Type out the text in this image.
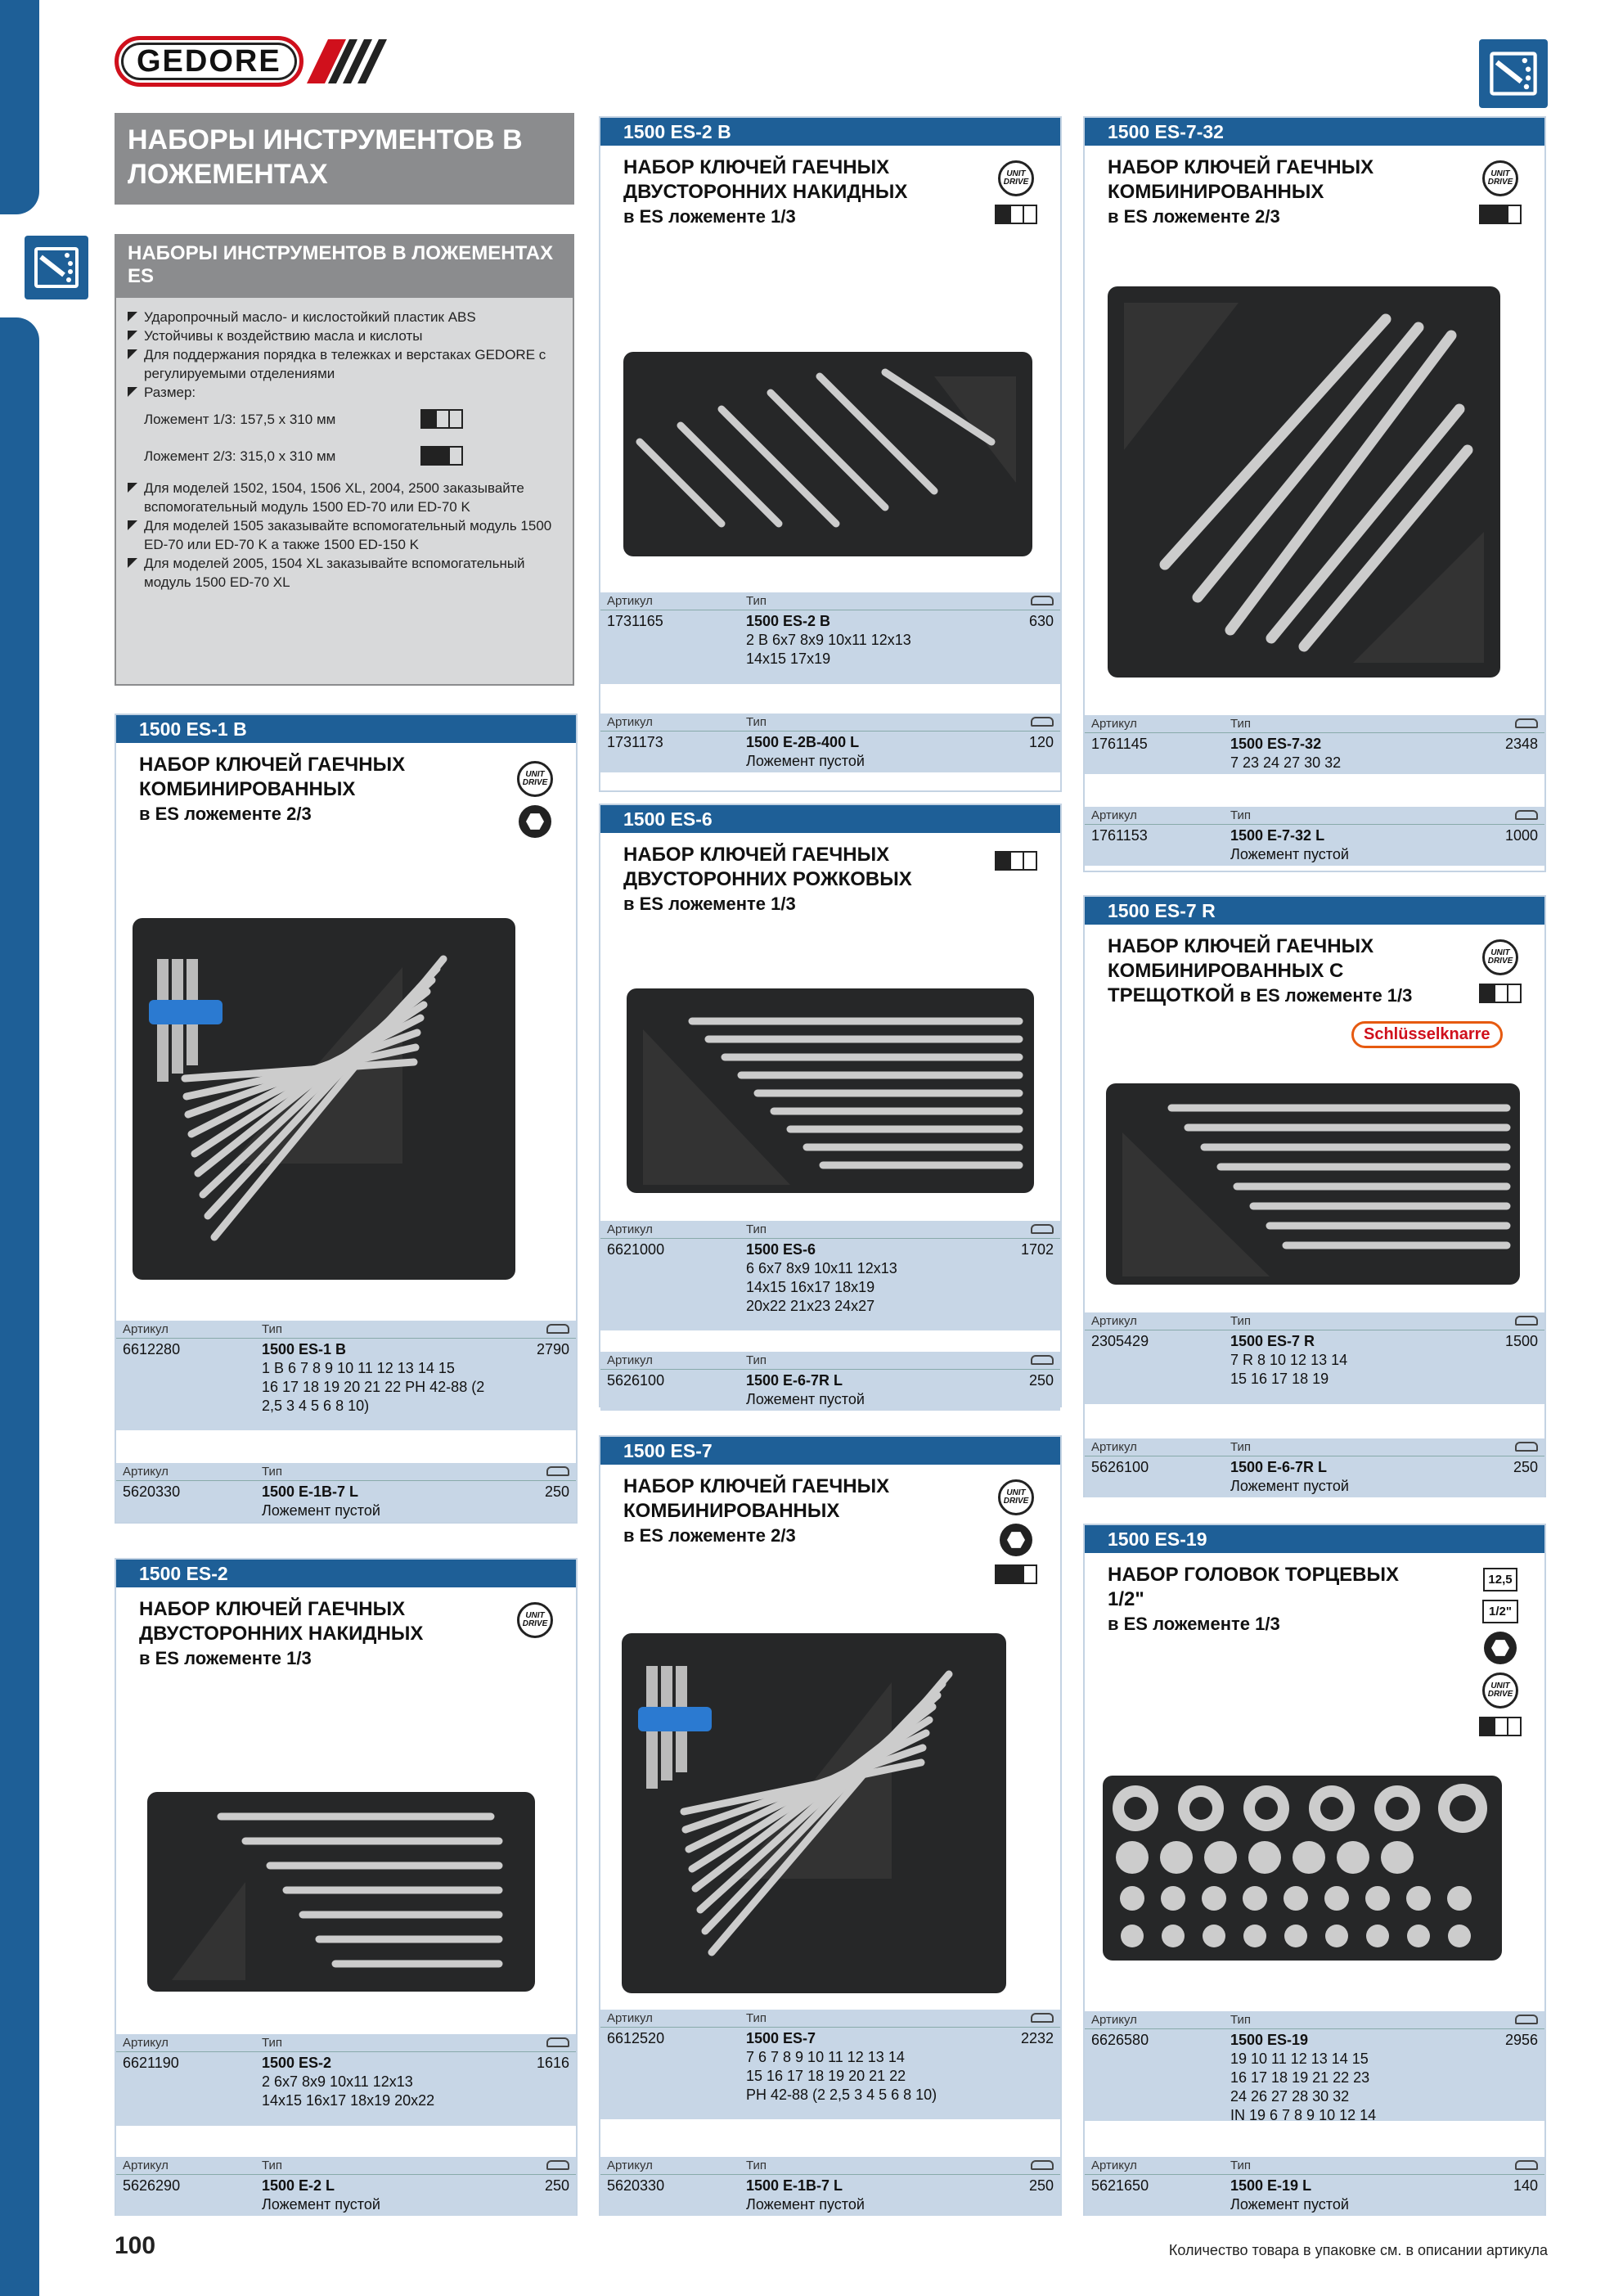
GEDORE
НАБОРЫ ИНСТРУМЕНТОВ В ЛОЖЕМЕНТАХ
НАБОРЫ ИНСТРУМЕНТОВ В ЛОЖЕМЕНТАХ ES
Ударопрочный масло- и кислостойкий пластик ABS
Устойчивы к воздействию масла и кислоты
Для поддержания порядка в тележках и верстаках GEDORE с регулируемыми отделениями
Размер:
Ложемент 1/3: 157,5 x 310 мм
Ложемент 2/3: 315,0 x 310 мм
Для моделей 1502, 1504, 1506 XL, 2004, 2500 заказывайте вспомогательный модуль 1500 ED-70 или ED-70 K
Для моделей 1505 заказывайте вспомогательный модуль 1500 ED-70 или ED-70 K а также 1500 ED-150 K
Для моделей 2005, 1504 XL заказывайте вспомогательный модуль 1500 ED-70 XL
1500 ES-1 B
НАБОР КЛЮЧЕЙ ГАЕЧНЫХ КОМБИНИРОВАННЫХ
в ES ложементе 2/3
UNIT DRIVE
Артикул	Тип
6612280	1500 ES-1 B
1 B 6 7 8 9 10 11 12 13 14 15
16 17 18 19 20 21 22 PH 42-88 (2
2,5 3 4 5 6 8 10)
2790
Артикул	Тип
5620330	1500 E-1B-7 L
Ложемент пустой
250
1500 ES-2
НАБОР КЛЮЧЕЙ ГАЕЧНЫХ ДВУСТОРОННИХ НАКИДНЫХ
в ES ложементе 1/3
UNIT DRIVE
Артикул	Тип
6621190	1500 ES-2
2 6x7 8x9 10x11 12x13
14x15 16x17 18x19 20x22
1616
Артикул	Тип
5626290	1500 E-2 L
Ложемент пустой
250
1500 ES-2 B
НАБОР КЛЮЧЕЙ ГАЕЧНЫХ ДВУСТОРОННИХ НАКИДНЫХ
в ES ложементе 1/3
UNIT DRIVE
Артикул	Тип
1731165	1500 ES-2 B
2 B 6x7 8x9 10x11 12x13
14x15 17x19
630
Артикул	Тип
1731173	1500 E-2B-400 L
Ложемент пустой
120
1500 ES-6
НАБОР КЛЮЧЕЙ ГАЕЧНЫХ ДВУСТОРОННИХ РОЖКОВЫХ
в ES ложементе 1/3
Артикул	Тип
6621000	1500 ES-6
6 6x7 8x9 10x11 12x13
14x15 16x17 18x19
20x22 21x23 24x27
1702
Артикул	Тип
5626100	1500 E-6-7R L
Ложемент пустой
250
1500 ES-7
НАБОР КЛЮЧЕЙ ГАЕЧНЫХ КОМБИНИРОВАННЫХ
в ES ложементе 2/3
UNIT DRIVE
Артикул	Тип
6612520	1500 ES-7
7 6 7 8 9 10 11 12 13 14
15 16 17 18 19 20 21 22
PH 42-88 (2 2,5 3 4 5 6 8 10)
2232
Артикул	Тип
5620330	1500 E-1B-7 L
Ложемент пустой
250
1500 ES-7-32
НАБОР КЛЮЧЕЙ ГАЕЧНЫХ КОМБИНИРОВАННЫХ
в ES ложементе 2/3
UNIT DRIVE
Артикул	Тип
1761145	1500 ES-7-32
7 23 24 27 30 32
2348
Артикул	Тип
1761153	1500 E-7-32 L
Ложемент пустой
1000
1500 ES-7 R
НАБОР КЛЮЧЕЙ ГАЕЧНЫХ КОМБИНИРОВАННЫХ С ТРЕЩОТКОЙ в ES ложементе 1/3
UNIT DRIVE
Schlüsselknarre
Артикул	Тип
2305429	1500 ES-7 R
7 R 8 10 12 13 14
15 16 17 18 19
1500
Артикул	Тип
5626100	1500 E-6-7R L
Ложемент пустой
250
1500 ES-19
НАБОР ГОЛОВОК ТОРЦЕВЫХ 1/2"
в ES ложементе 1/3
12,5
1/2"
UNIT DRIVE
Артикул	Тип
6626580	1500 ES-19
19 10 11 12 13 14 15
16 17 18 19 21 22 23
24 26 27 28 30 32
IN 19 6 7 8 9 10 12 14
2956
Артикул	Тип
5621650	1500 E-19 L
Ложемент пустой
140
100	Количество товара в упаковке см. в описании артикула
